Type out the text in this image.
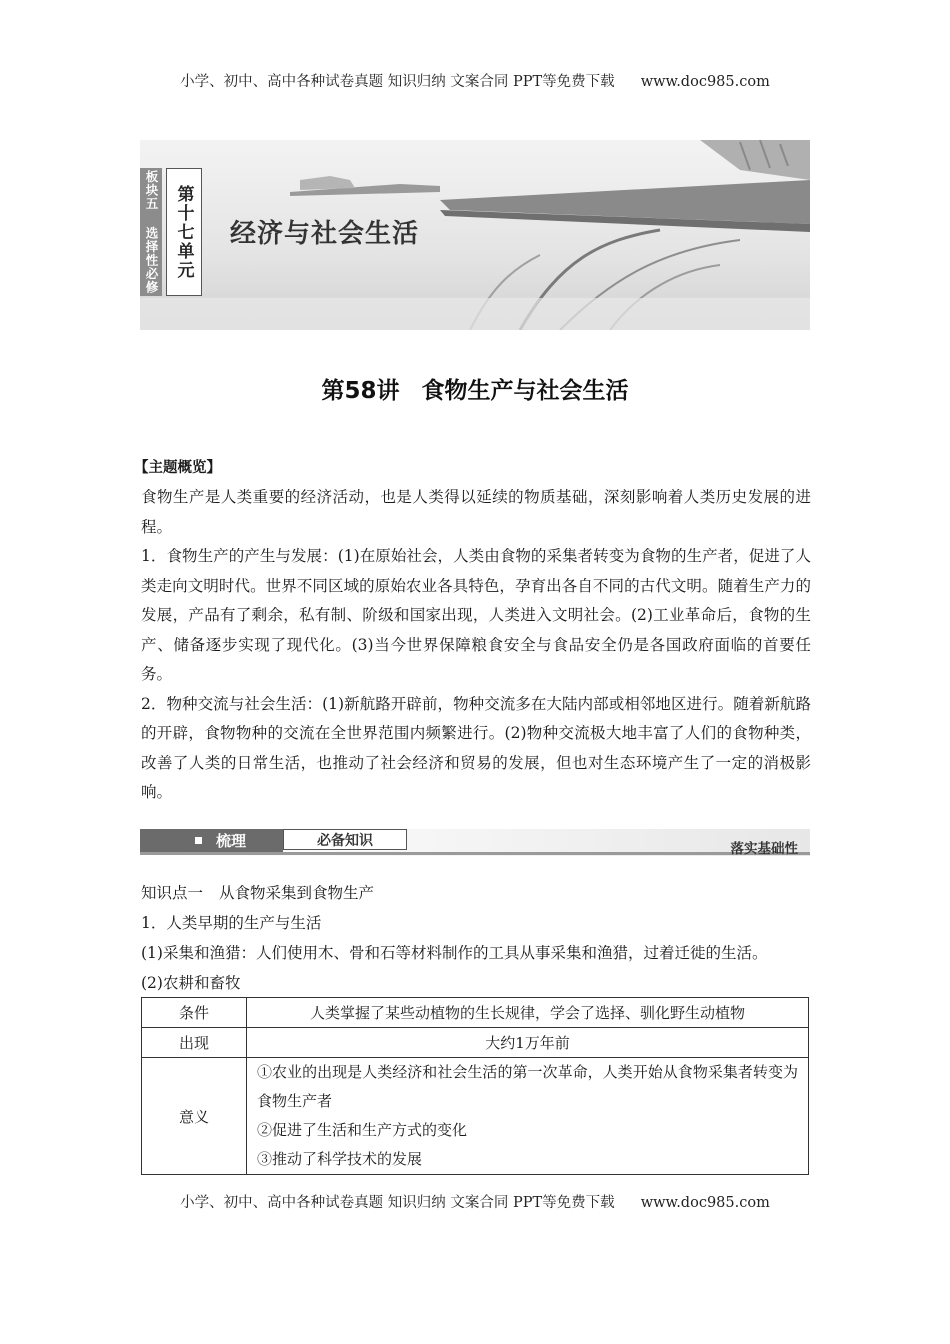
小学、初中、高中各种试卷真题 知识归纳 文案合同 PPT等免费下载 www.doc985.com
板块五 选择性必修 第十七单元	经济与社会生活
第58讲 食物生产与社会生活
【主题概览】

食物生产是人类重要的经济活动，也是人类得以延续的物质基础，深刻影响着人类历史发展的进程。

1．食物生产的产生与发展：(1)在原始社会，人类由食物的采集者转变为食物的生产者，促进了人类走向文明时代。世界不同区域的原始农业各具特色，孕育出各自不同的古代文明。随着生产力的发展，产品有了剩余，私有制、阶级和国家出现，人类进入文明社会。(2)工业革命后，食物的生产、储备逐步实现了现代化。(3)当今世界保障粮食安全与食品安全仍是各国政府面临的首要任务。

2．物种交流与社会生活：(1)新航路开辟前，物种交流多在大陆内部或相邻地区进行。随着新航路的开辟，食物物种的交流在全世界范围内频繁进行。(2)物种交流极大地丰富了人们的食物种类，改善了人类的日常生活，也推动了社会经济和贸易的发展，但也对生态环境产生了一定的消极影响。

梳理	必备知识
落实基础性

知识点一 从食物采集到食物生产

1．人类早期的生产与生活

(1)采集和渔猎：人们使用木、骨和石等材料制作的工具从事采集和渔猎，过着迁徙的生活。

(2)农耕和畜牧

条件	人类掌握了某些动植物的生长规律，学会了选择、驯化野生动植物
出现	大约1万年前
意义	①农业的出现是人类经济和社会生活的第一次革命，人类开始从食物采集者转变为食物生产者
②促进了生活和生产方式的变化
③推动了科学技术的发展
小学、初中、高中各种试卷真题 知识归纳 文案合同 PPT等免费下载 www.doc985.com
